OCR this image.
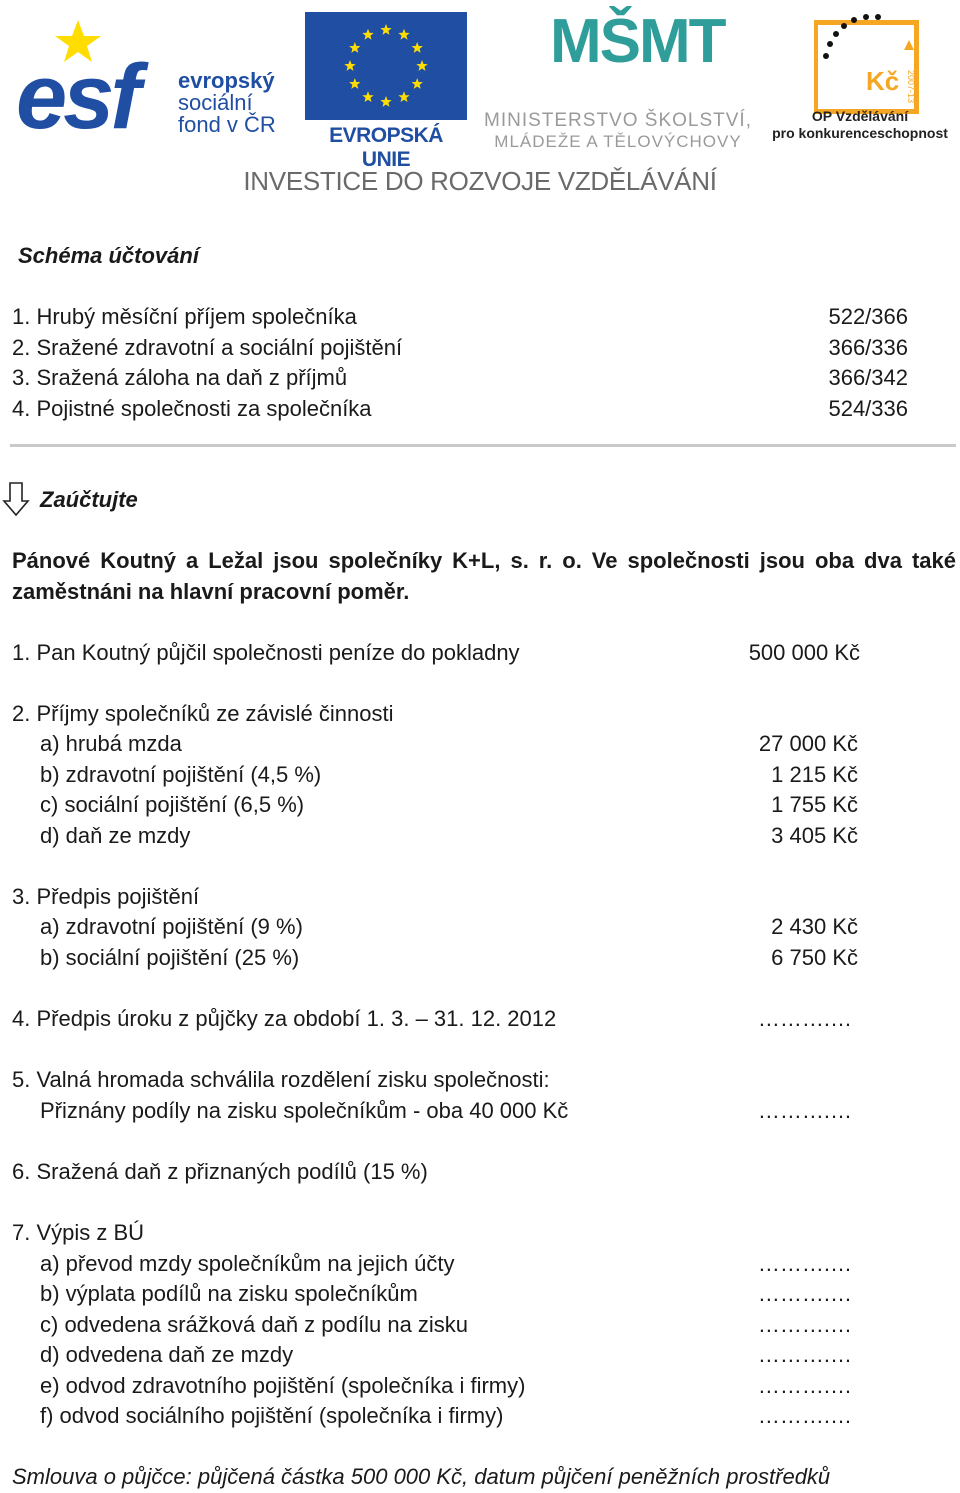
esf evropský
sociální
fond v ČR	EVROPSKÁ UNIE
MŠMT
MINISTERSTVO ŠKOLSTVÍ,
MLÁDEŽE A TĚLOVÝCHOVY
Kč 2007-13
OP Vzdělávání
pro konkurenceschopnost
INVESTICE DO ROZVOJE VZDĚLÁVÁNÍ
Schéma účtování
1. Hrubý měsíční příjem společníka	522/366
2. Sražené zdravotní a sociální pojištění	366/336
3. Sražená záloha na daň z příjmů	366/342
4. Pojistné společnosti za společníka	524/336
Zaúčtujte
Pánové Koutný a Ležal jsou společníky K+L, s. r. o. Ve společnosti jsou oba dva také
zaměstnáni na hlavní pracovní poměr.
1. Pan Koutný půjčil společnosti peníze do pokladny	500 000 Kč
2. Příjmy společníků ze závislé činnosti
a) hrubá mzda	27 000 Kč
b) zdravotní pojištění (4,5 %)	1 215 Kč
c) sociální pojištění (6,5 %)	1 755 Kč
d) daň ze mzdy	3 405 Kč
3. Předpis pojištění
a) zdravotní pojištění (9 %)	2 430 Kč
b) sociální pojištění (25 %)	6 750 Kč
4. Předpis úroku z půjčky za období 1. 3. – 31. 12. 2012	……….…
5. Valná hromada schválila rozdělení zisku společnosti:
Přiznány podíly na zisku společníkům - oba 40 000 Kč	……….…
6. Sražená daň z přiznaných podílů (15 %)
7. Výpis z BÚ
a) převod mzdy společníkům na jejich účty	……….…
b) výplata podílů na zisku společníkům	……….…
c) odvedena srážková daň z podílu na zisku	……….…
d) odvedena daň ze mzdy	……….…
e) odvod zdravotního pojištění (společníka i firmy)	……….…
f) odvod sociálního pojištění (společníka i firmy)	……….…
Smlouva o půjčce: půjčená částka 500 000 Kč, datum půjčení peněžních prostředků
